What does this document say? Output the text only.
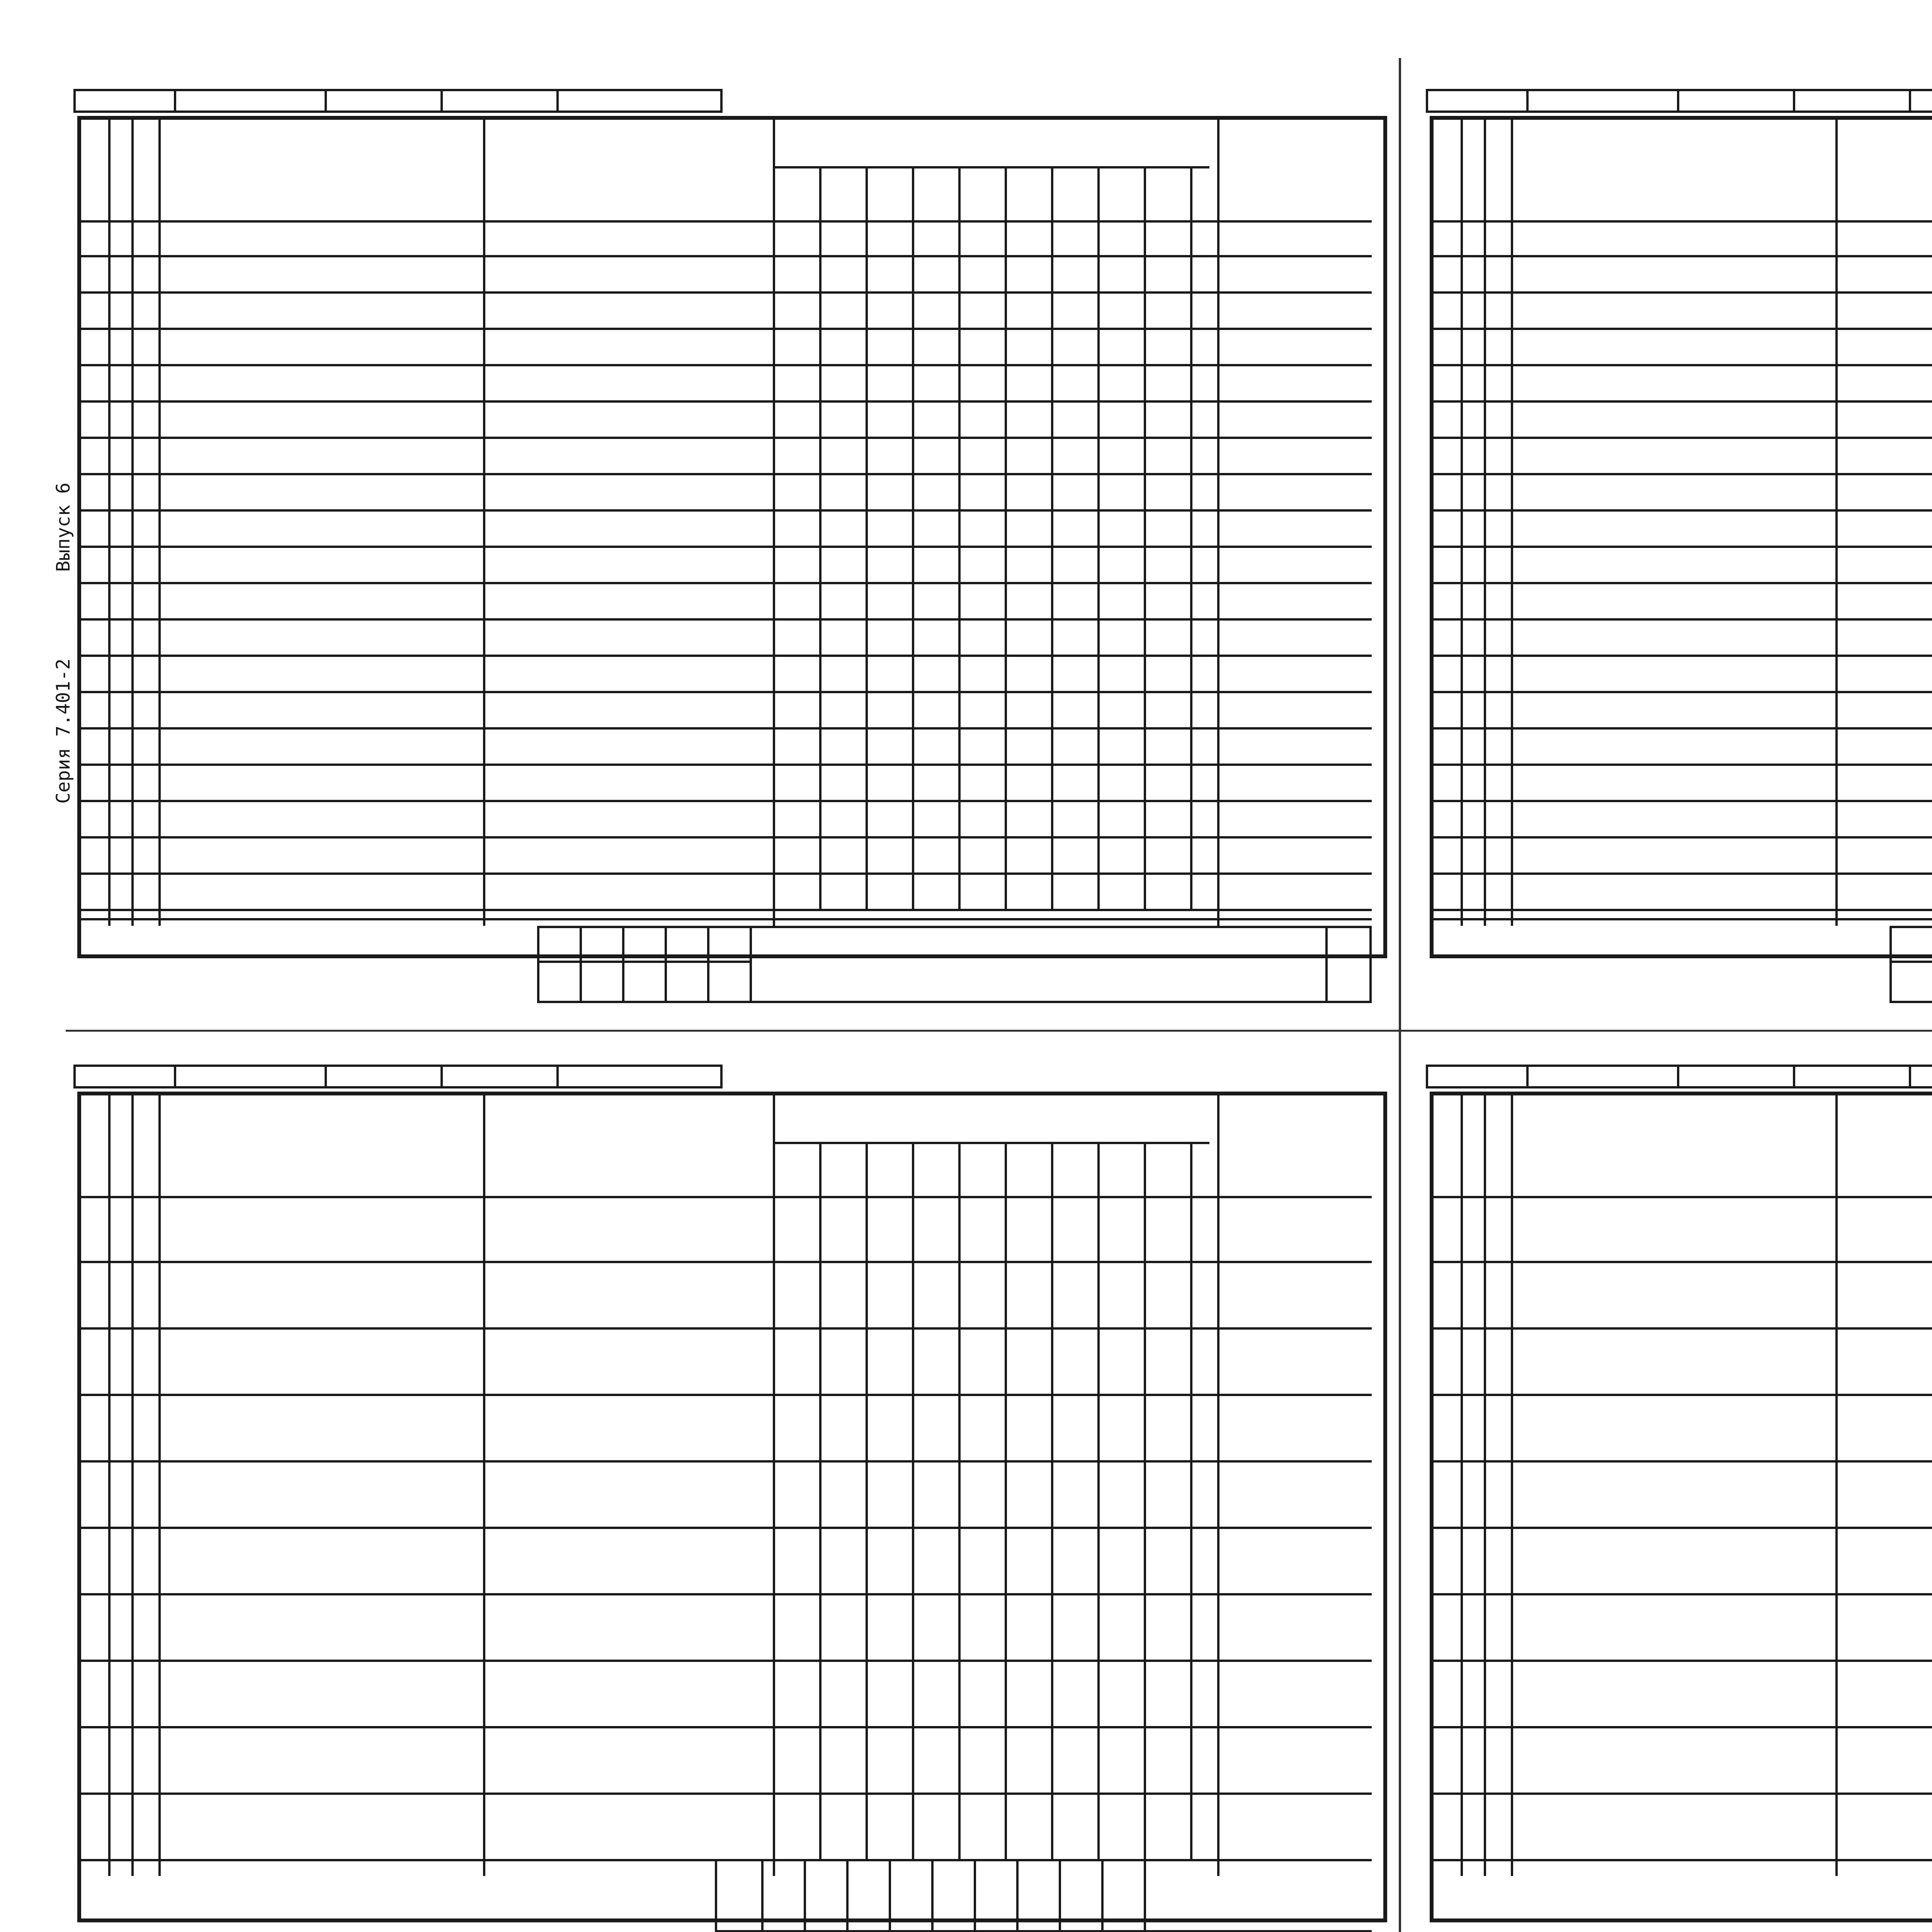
Серия 7.401-2
Выпуск 6
